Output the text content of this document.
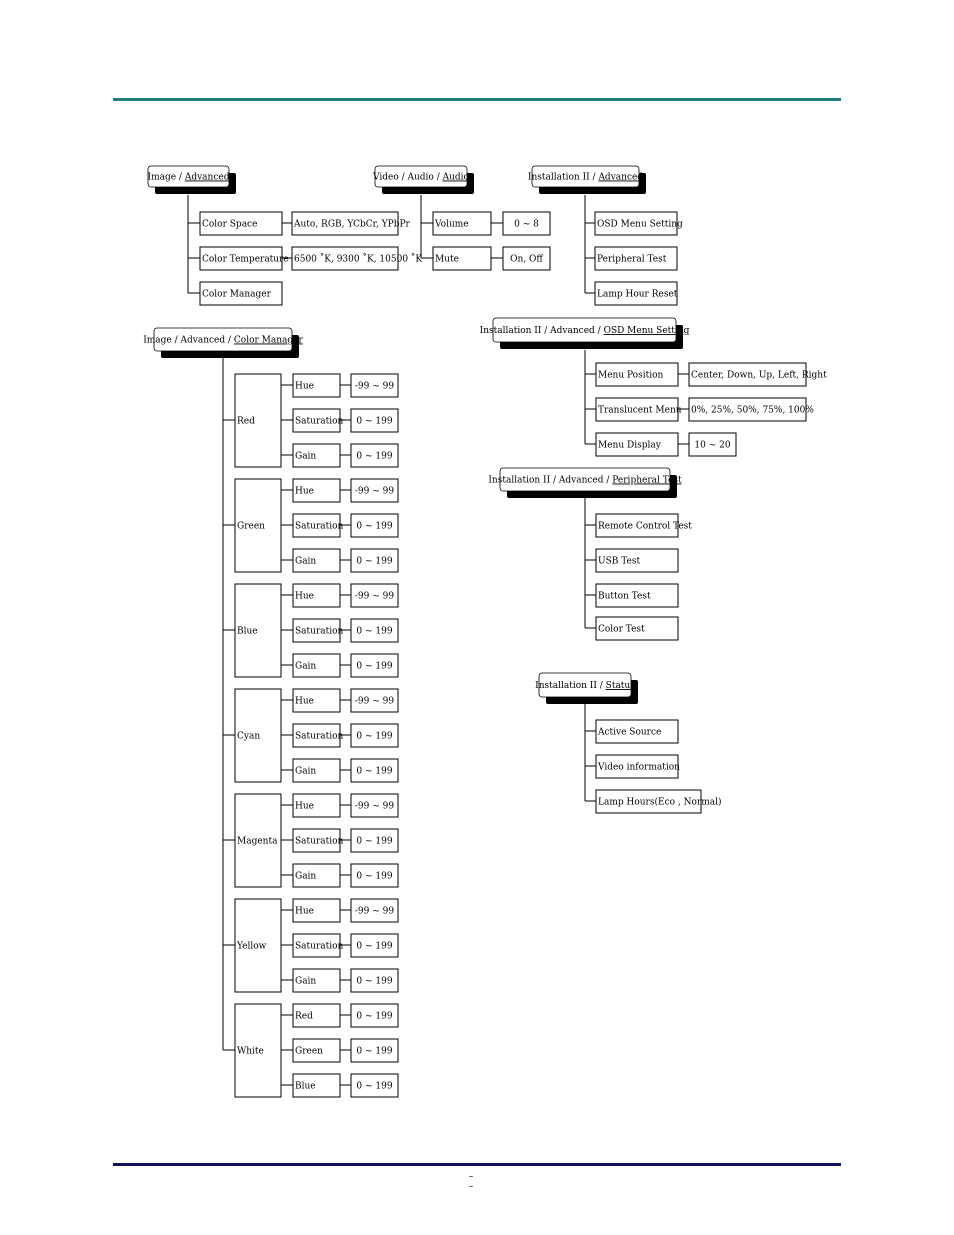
– –
Image / Advanced
Color Space	Auto, RGB, YCbCr, YPbPr
Color Temperature 6500 ˚K, 9300 ˚K, 10500 ˚K
Color Manager
Video / Audio / Audio
Volume	0 ~ 8
Mute	On, Off
Installation II / Advanced
OSD Menu Setting
Peripheral Test
Lamp Hour Reset
Installation II / Advanced / OSD Menu Setting
Menu Position	Center, Down, Up, Left, Right
Translucent Menu 0%, 25%, 50%, 75%, 100%
Menu Display	10 ~ 20
Installation II / Advanced / Peripheral Test
Remote Control Test
USB Test
Button Test
Color Test
Installation II / Status
Active Source
Video information
Lamp Hours(Eco , Normal)
Image / Advanced / Color Manager
Red
Hue	-99 ~ 99
Saturation 0 ~ 199
Gain	0 ~ 199
Green
Hue	-99 ~ 99
Saturation 0 ~ 199
Gain	0 ~ 199
Blue
Hue	-99 ~ 99
Saturation 0 ~ 199
Gain	0 ~ 199
Cyan
Hue	-99 ~ 99
Saturation 0 ~ 199
Gain	0 ~ 199
Magenta
Hue	-99 ~ 99
Saturation 0 ~ 199
Gain	0 ~ 199
Yellow
Hue	-99 ~ 99
Saturation 0 ~ 199
Gain	0 ~ 199
White
Red	0 ~ 199
Green	0 ~ 199
Blue	0 ~ 199
